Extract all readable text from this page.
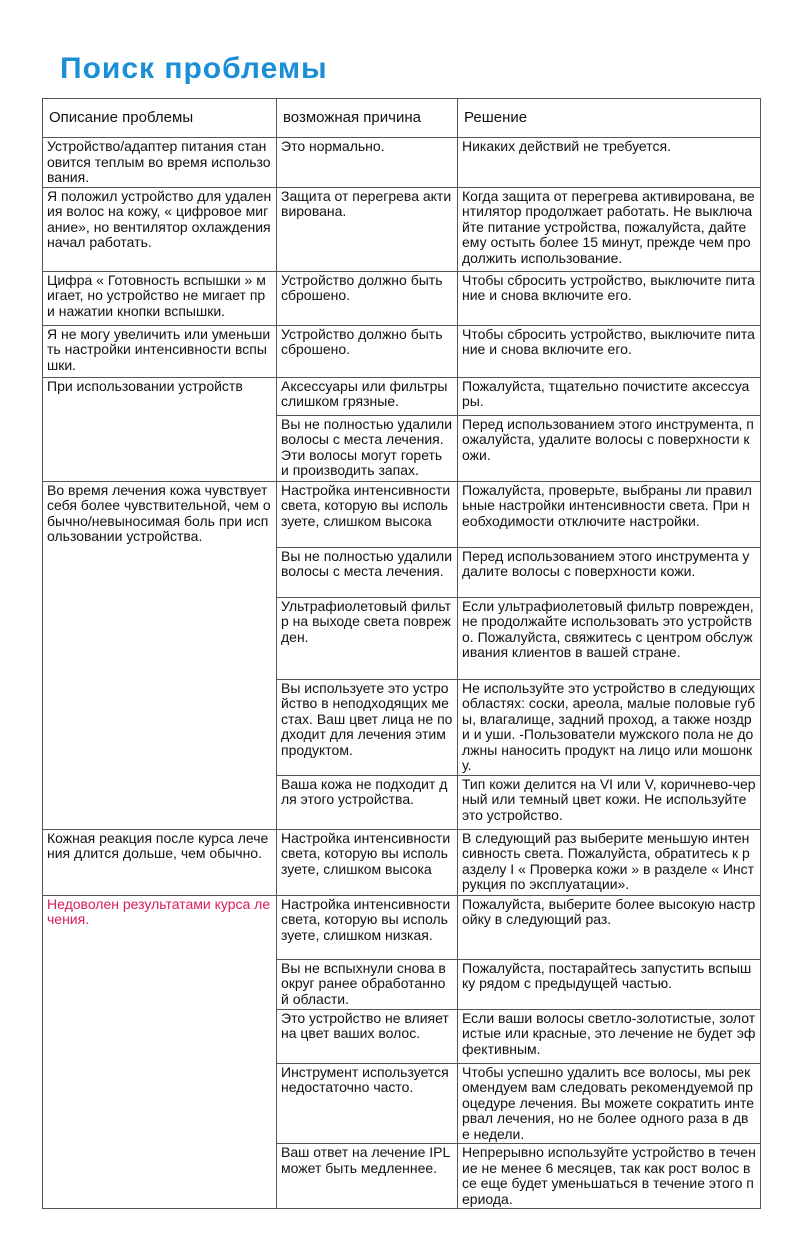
Поиск проблемы
Описание проблемы	возможная причина	Решение
Устройство/адаптер питания становится теплым во время использования.	Это нормально.	Никаких действий не требуется.
Я положил устройство для удаления волос на кожу, « цифровое мигание», но вентилятор охлаждения начал работать.	Защита от перегрева активирована.	Когда защита от перегрева активирована, вентилятор продолжает работать. Не выключайте питание устройства, пожалуйста, дайте ему остыть более 15 минут, прежде чем продолжить использование.
Цифра « Готовность вспышки » мигает, но устройство не мигает при нажатии кнопки вспышки.	Устройство должно быть сброшено.	Чтобы сбросить устройство, выключите питание и снова включите его.
Я не могу увеличить или уменьшить настройки интенсивности вспышки.	Устройство должно быть сброшено.	Чтобы сбросить устройство, выключите питание и снова включите его.
При использовании устройств	Аксессуары или фильтры слишком грязные.	Пожалуйста, тщательно почистите аксессуары.
	Вы не полностью удалили волосы с места лечения. Эти волосы могут гореть и производить запах.	Перед использованием этого инструмента, пожалуйста, удалите волосы с поверхности кожи.
Во время лечения кожа чувствует себя более чувствительной, чем обычно/невыносимая боль при использовании устройства.	Настройка интенсивности света, которую вы используете, слишком высока	Пожалуйста, проверьте, выбраны ли правильные настройки интенсивности света. При необходимости отключите настройки.
	Вы не полностью удалили волосы с места лечения.	Перед использованием этого инструмента удалите волосы с поверхности кожи.
	Ультрафиолетовый фильтр на выходе света поврежден.	Если ультрафиолетовый фильтр поврежден, не продолжайте использовать это устройство. Пожалуйста, свяжитесь с центром обслуживания клиентов в вашей стране.
	Вы используете это устройство в неподходящих местах. Ваш цвет лица не подходит для лечения этим продуктом.	Не используйте это устройство в следующих областях: соски, ареола, малые половые губы, влагалище, задний проход, а также ноздри и уши. -Пользователи мужского пола не должны наносить продукт на лицо или мошонку.
	Ваша кожа не подходит для этого устройства.	Тип кожи делится на VI или V, коричнево-черный или темный цвет кожи. Не используйте это устройство.
Кожная реакция после курса лечения длится дольше, чем обычно.	Настройка интенсивности света, которую вы используете, слишком высока	В следующий раз выберите меньшую интенсивность света. Пожалуйста, обратитесь к разделу I « Проверка кожи » в разделе « Инструкция по эксплуатации».
Недоволен результатами курса лечения.	Настройка интенсивности света, которую вы используете, слишком низкая.	Пожалуйста, выберите более высокую настройку в следующий раз.
	Вы не вспыхнули снова в округ ранее обработанной области.	Пожалуйста, постарайтесь запустить вспышку рядом с предыдущей частью.
	Это устройство не влияет на цвет ваших волос.	Если ваши волосы светло-золотистые, золотистые или красные, это лечение не будет эффективным.
	Инструмент используется недостаточно часто.	Чтобы успешно удалить все волосы, мы рекомендуем вам следовать рекомендуемой процедуре лечения. Вы можете сократить интервал лечения, но не более одного раза в две недели.
	Ваш ответ на лечение IPL может быть медленнее.	Непрерывно используйте устройство в течение не менее 6 месяцев, так как рост волос все еще будет уменьшаться в течение этого периода.
